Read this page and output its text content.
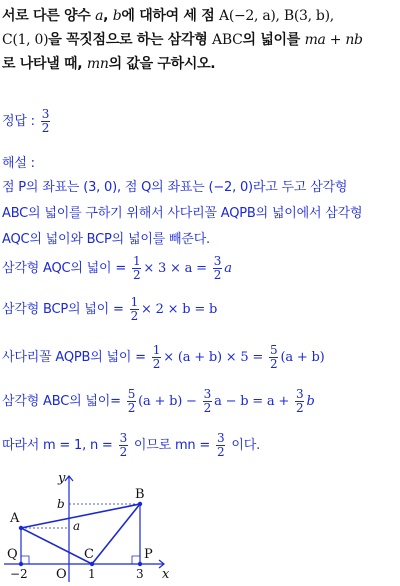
서로 다른 양수 a, b에 대하여 세 점 A(−2, a), B(3, b),
C(1, 0)을 꼭짓점으로 하는 삼각형 ABC의 넓이를 ma + nb
로 나타낼 때, mn의 값을 구하시오.
정답 : $\frac{3}{2}$
해설 :
점 P의 좌표는 (3, 0), 점 Q의 좌표는 (−2, 0)라고 두고 삼각형
ABC의 넓이를 구하기 위해서 사다리꼴 AQPB의 넓이에서 삼각형
AQC의 넓이와 BCP의 넓이를 빼준다.
삼각형 AQC의 넓이 = $\frac{1}{2} \times 3 \times a = \frac{3}{2}$ a
삼각형 BCP의 넓이 = $\frac{1}{2} \times 2 \times b = b$
사다리꼴 AQPB의 넓이 = $\frac{1}{2} \times (a + b) \times 5 = \frac{5}{2} (a + b)$
삼각형 ABC의 넓이= $\frac{5}{2} (a + b) - \frac{3}{2}$ $a - b = a + \frac{3}{2}$ b
따라서 m = 1, $n = \frac{3}{2}$ 이므로 mn = $\frac{3}{2}$ 이다.
y
x
A
B
C	P
Q
O
a
b
−2	1	3
